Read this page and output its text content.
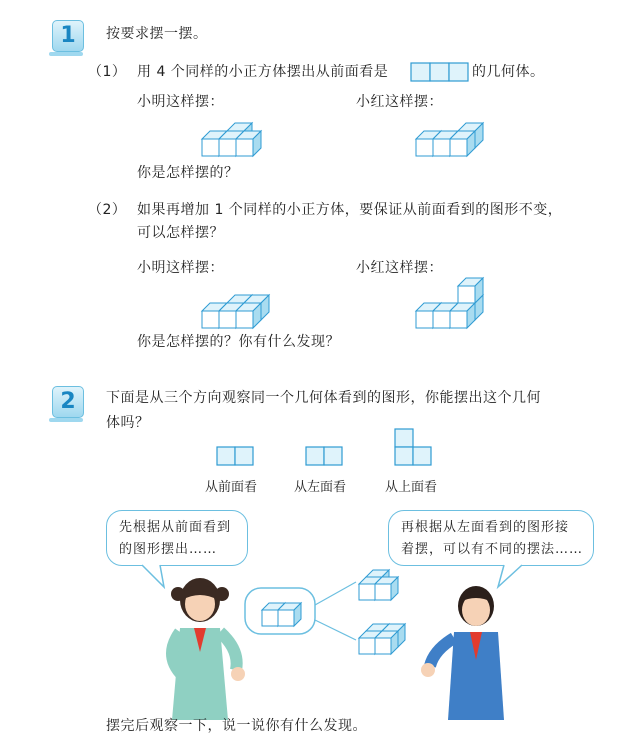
1	按要求摆一摆。
（1） 用 4 个同样的小正方体摆出从前面看是	的几何体。
小明这样摆：	小红这样摆：
你是怎样摆的？
（2） 如果再增加 1 个同样的小正方体，要保证从前面看到的图形不变，
可以怎样摆？
小明这样摆：	小红这样摆：
你是怎样摆的？你有什么发现？
2	下面是从三个方向观察同一个几何体看到的图形，你能摆出这个几何
体吗？
从前面看	从左面看	从上面看
先根据从前面看到
的图形摆出……
再根据从左面看到的图形接
着摆，可以有不同的摆法……
摆完后观察一下，说一说你有什么发现。
